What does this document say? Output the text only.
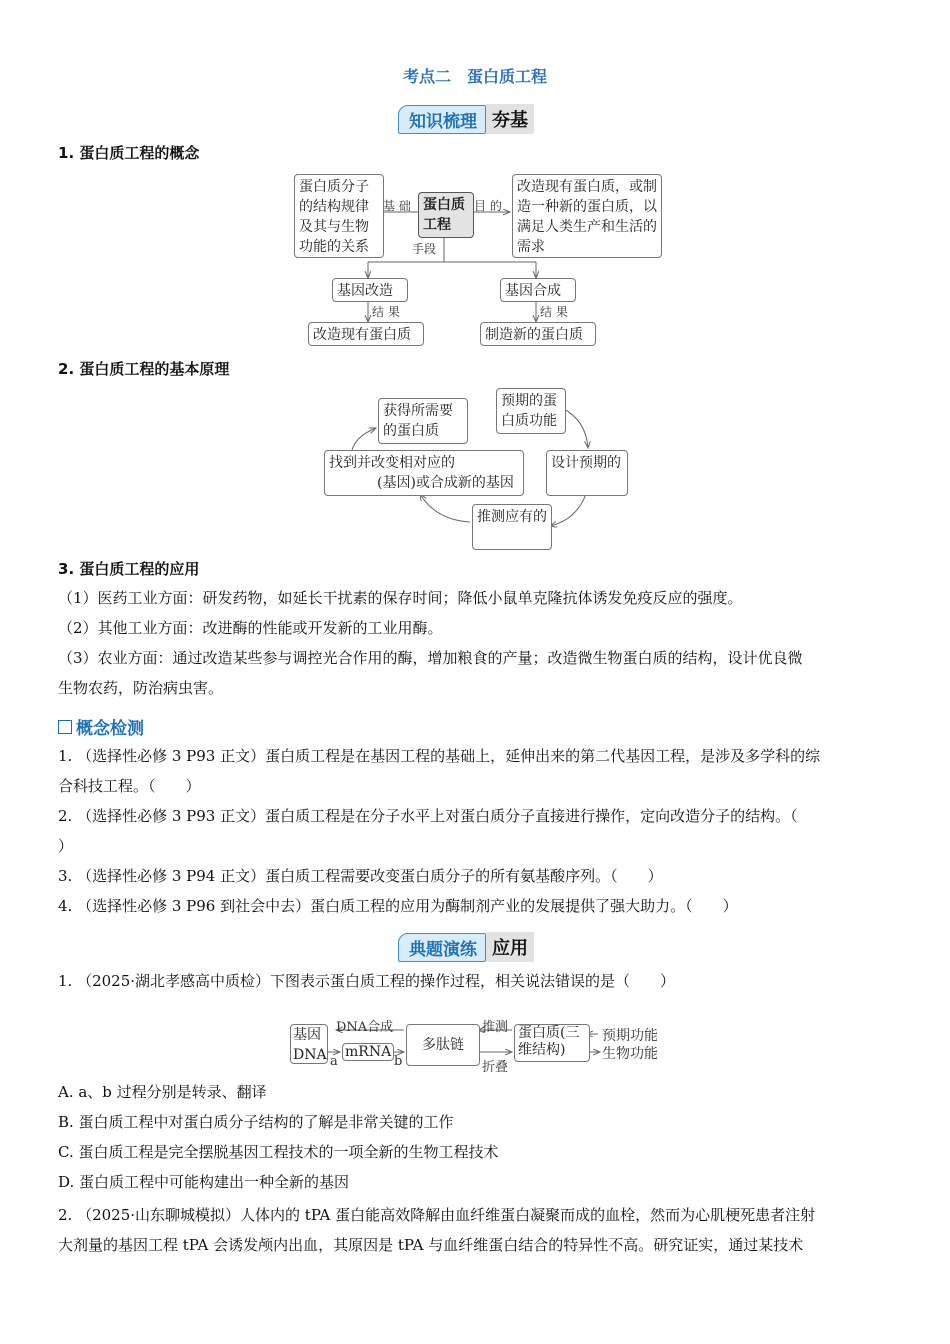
考点二　蛋白质工程
知识梳理 夯基
1. 蛋白质工程的概念
蛋白质分子的结构规律及其与生物功能的关系
蛋白质工程
改造现有蛋白质，或制造一种新的蛋白质，以满足人类生产和生活的需求
基 础	目 的
手段
基因改造	基因合成
结 果	结 果
改造现有蛋白质	制造新的蛋白质
2. 蛋白质工程的基本原理
预期的蛋白质功能
设计预期的
推测应有的
找到并改变相对应的
(基因)或合成新的基因
获得所需要的蛋白质
3. 蛋白质工程的应用
（1）医药工业方面：研发药物，如延长干扰素的保存时间；降低小鼠单克隆抗体诱发免疫反应的强度。
（2）其他工业方面：改进酶的性能或开发新的工业用酶。
（3）农业方面：通过改造某些参与调控光合作用的酶，增加粮食的产量；改造微生物蛋白质的结构，设计优良微
生物农药，防治病虫害。
概念检测
1. （选择性必修 3 P93 正文）蛋白质工程是在基因工程的基础上，延伸出来的第二代基因工程，是涉及多学科的综
合科技工程。（　　）
2. （选择性必修 3 P93 正文）蛋白质工程是在分子水平上对蛋白质分子直接进行操作，定向改造分子的结构。（
）
3. （选择性必修 3 P94 正文）蛋白质工程需要改变蛋白质分子的所有氨基酸序列。（　　）
4. （选择性必修 3 P96 到社会中去）蛋白质工程的应用为酶制剂产业的发展提供了强大助力。（　　）
典题演练 应用
1. （2025·湖北孝感高中质检）下图表示蛋白质工程的操作过程，相关说法错误的是（　　）
基因DNA
DNA合成
mRNA
a	b
多肽链
推测
折叠
蛋白质(三维结构)
预期功能
生物功能
A. a、b 过程分别是转录、翻译
B. 蛋白质工程中对蛋白质分子结构的了解是非常关键的工作
C. 蛋白质工程是完全摆脱基因工程技术的一项全新的生物工程技术
D. 蛋白质工程中可能构建出一种全新的基因
2. （2025·山东聊城模拟）人体内的 tPA 蛋白能高效降解由血纤维蛋白凝聚而成的血栓，然而为心肌梗死患者注射
大剂量的基因工程 tPA 会诱发颅内出血，其原因是 tPA 与血纤维蛋白结合的特异性不高。研究证实，通过某技术
